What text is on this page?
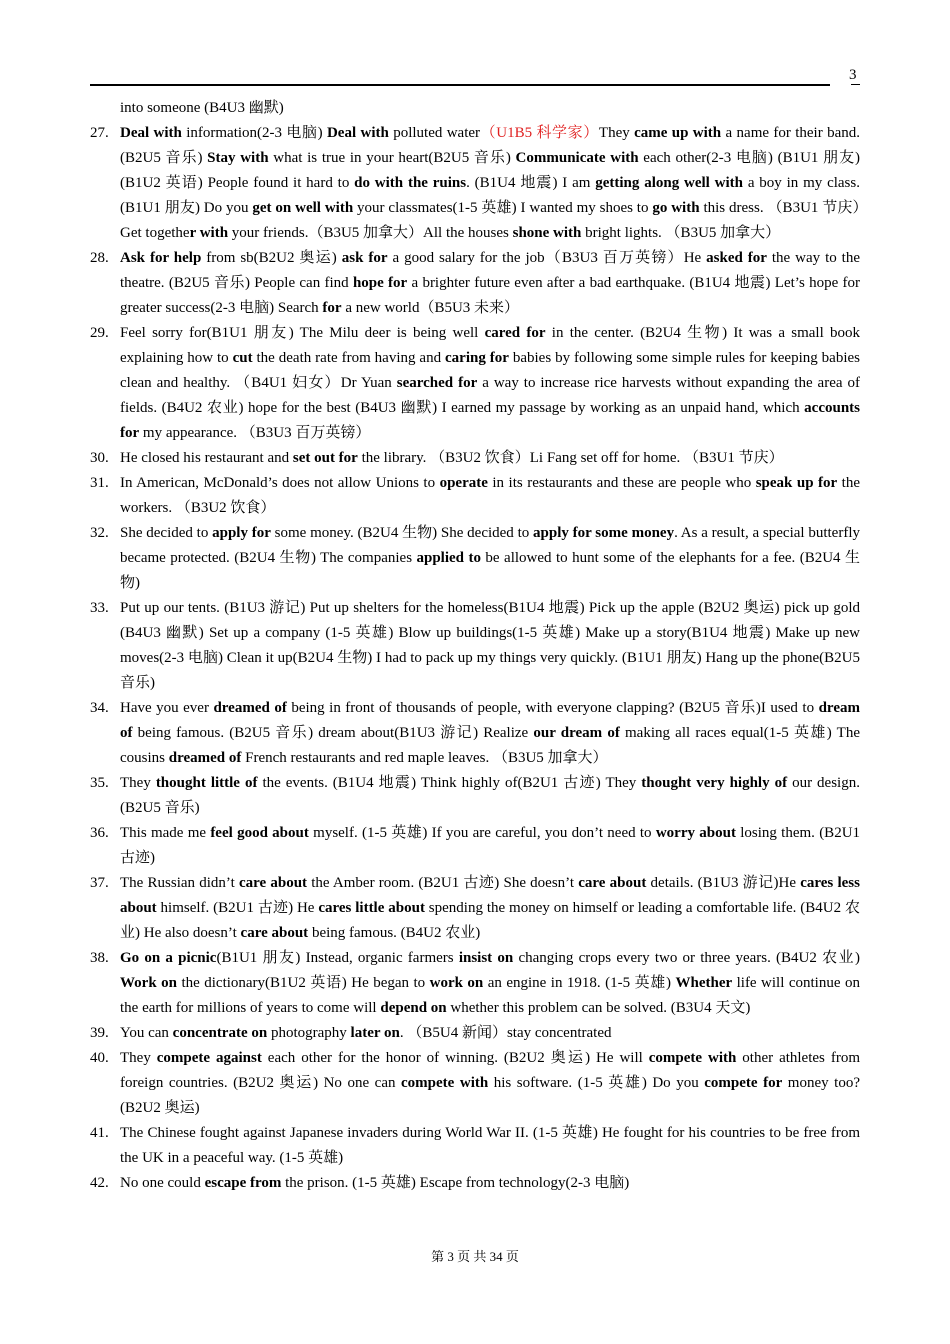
3
into someone (B4U3 幽默)
27. Deal with information(2-3 电脑) Deal with polluted water（U1B5 科学家）They came up with a name for their band. (B2U5 音乐) Stay with what is true in your heart(B2U5 音乐) Communicate with each other(2-3 电脑) (B1U1 朋友) (B1U2 英语) People found it hard to do with the ruins. (B1U4 地震) I am getting along well with a boy in my class. (B1U1 朋友) Do you get on well with your classmates(1-5 英雄) I wanted my shoes to go with this dress. （B3U1 节庆）Get together with your friends.（B3U5 加拿大）All the houses shone with bright lights. （B3U5 加拿大）
28. Ask for help from sb(B2U2 奥运) ask for a good salary for the job（B3U3 百万英镑）He asked for the way to the theatre. (B2U5 音乐) People can find hope for a brighter future even after a bad earthquake. (B1U4 地震) Let’s hope for greater success(2-3 电脑) Search for a new world（B5U3 未来）
29. Feel sorry for(B1U1 朋友) The Milu deer is being well cared for in the center. (B2U4 生物) It was a small book explaining how to cut the death rate from having and caring for babies by following some simple rules for keeping babies clean and healthy. （B4U1 妇女）Dr Yuan searched for a way to increase rice harvests without expanding the area of fields. (B4U2 农业) hope for the best (B4U3 幽默) I earned my passage by working as an unpaid hand, which accounts for my appearance. （B3U3 百万英镑）
30. He closed his restaurant and set out for the library. （B3U2 饮食）Li Fang set off for home. （B3U1 节庆）
31. In American, McDonald’s does not allow Unions to operate in its restaurants and these are people who speak up for the workers. （B3U2 饮食）
32. She decided to apply for some money. (B2U4 生物) She decided to apply for some money. As a result, a special butterfly became protected. (B2U4 生物) The companies applied to be allowed to hunt some of the elephants for a fee. (B2U4 生物)
33. Put up our tents. (B1U3 游记) Put up shelters for the homeless(B1U4 地震) Pick up the apple (B2U2 奥运) pick up gold (B4U3 幽默) Set up a company (1-5 英雄) Blow up buildings(1-5 英雄) Make up a story(B1U4 地震) Make up new moves(2-3 电脑) Clean it up(B2U4 生物) I had to pack up my things very quickly. (B1U1 朋友) Hang up the phone(B2U5 音乐)
34. Have you ever dreamed of being in front of thousands of people, with everyone clapping? (B2U5 音乐)I used to dream of being famous. (B2U5 音乐) dream about(B1U3 游记) Realize our dream of making all races equal(1-5 英雄) The cousins dreamed of French restaurants and red maple leaves. （B3U5 加拿大）
35. They thought little of the events. (B1U4 地震) Think highly of(B2U1 古迹) They thought very highly of our design. (B2U5 音乐)
36. This made me feel good about myself. (1-5 英雄) If you are careful, you don’t need to worry about losing them. (B2U1 古迹)
37. The Russian didn’t care about the Amber room. (B2U1 古迹) She doesn’t care about details. (B1U3 游记)He cares less about himself. (B2U1 古迹) He cares little about spending the money on himself or leading a comfortable life. (B4U2 农业) He also doesn’t care about being famous. (B4U2 农业)
38. Go on a picnic(B1U1 朋友) Instead, organic farmers insist on changing crops every two or three years. (B4U2 农业) Work on the dictionary(B1U2 英语) He began to work on an engine in 1918. (1-5 英雄) Whether life will continue on the earth for millions of years to come will depend on whether this problem can be solved. (B3U4 天文)
39. You can concentrate on photography later on. （B5U4 新闻）stay concentrated
40. They compete against each other for the honor of winning. (B2U2 奥运) He will compete with other athletes from foreign countries. (B2U2 奥运) No one can compete with his software. (1-5 英雄) Do you compete for money too? (B2U2 奥运)
41. The Chinese fought against Japanese invaders during World War II. (1-5 英雄) He fought for his countries to be free from the UK in a peaceful way. (1-5 英雄)
42. No one could escape from the prison. (1-5 英雄) Escape from technology(2-3 电脑)
第 3 页 共 34 页
